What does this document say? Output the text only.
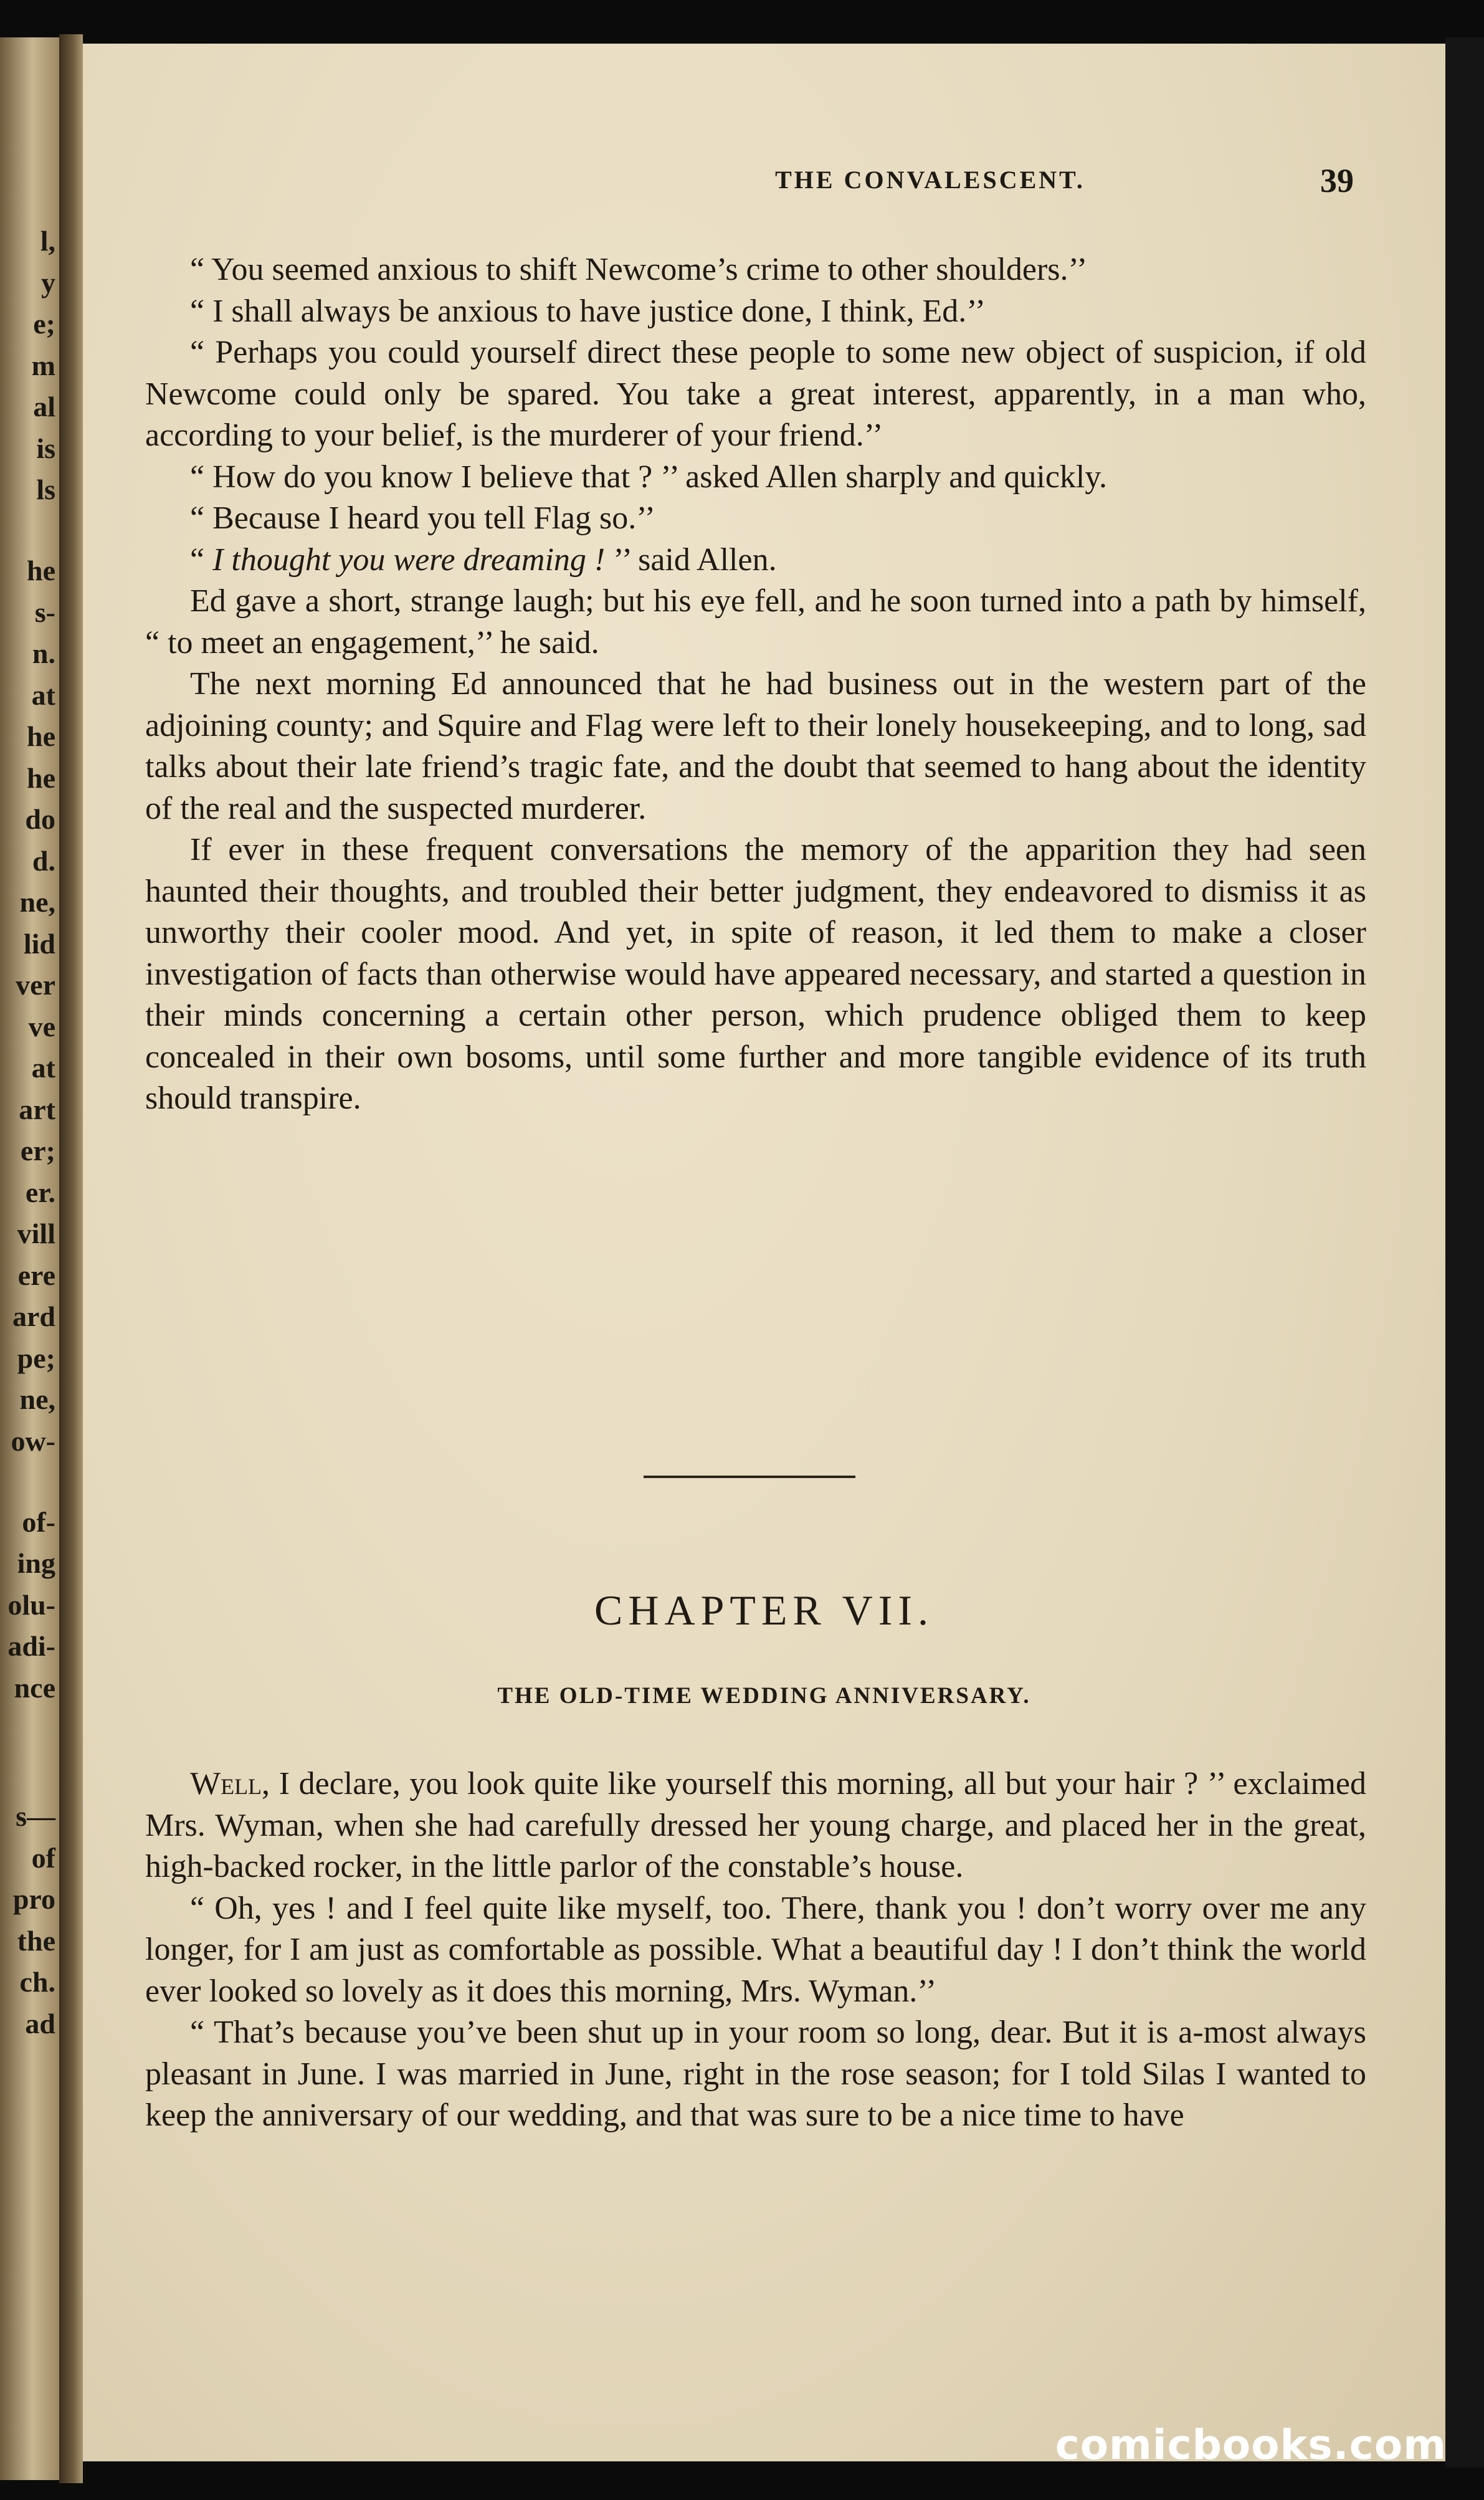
l,
y
e;
m
al
is
ls
he
s-
n.
at
he
he
do
d.
ne,
lid
ver
ve
at
art
er;
er.
vill
ere
ard
pe;
ne,
ow-
of-
ing
olu-
adi-
nce
s—
of
pro
the
ch.
ad
THE CONVALESCENT.	39

“ You seemed anxious to shift Newcome’s crime to other shoulders.’’

“ I shall always be anxious to have justice done, I think, Ed.’’

“ Perhaps you could yourself direct these people to some new object of suspicion, if old Newcome could only be spared. You take a great interest, apparently, in a man who, according to your belief, is the murderer of your friend.’’

“ How do you know I believe that ? ’’ asked Allen sharply and quickly.

“ Because I heard you tell Flag so.’’

“ I thought you were dreaming ! ’’ said Allen.

Ed gave a short, strange laugh; but his eye fell, and he soon turned into a path by himself, “ to meet an engagement,’’ he said.

The next morning Ed announced that he had business out in the western part of the adjoining county; and Squire and Flag were left to their lonely housekeeping, and to long, sad talks about their late friend’s tragic fate, and the doubt that seemed to hang about the identity of the real and the suspected murderer.

If ever in these frequent conversations the memory of the apparition they had seen haunted their thoughts, and troubled their better judgment, they endeavored to dismiss it as unworthy their cooler mood. And yet, in spite of reason, it led them to make a closer investigation of facts than otherwise would have appeared necessary, and started a question in their minds concerning a certain other person, which prudence obliged them to keep concealed in their own bosoms, until some further and more tangible evidence of its truth should transpire.

CHAPTER VII.
THE OLD-TIME WEDDING ANNIVERSARY.

Well, I declare, you look quite like yourself this morning, all but your hair ? ’’ exclaimed Mrs. Wyman, when she had carefully dressed her young charge, and placed her in the great, high-backed rocker, in the little parlor of the constable’s house.

“ Oh, yes ! and I feel quite like myself, too. There, thank you ! don’t worry over me any longer, for I am just as comfortable as possible. What a beautiful day ! I don’t think the world ever looked so lovely as it does this morning, Mrs. Wyman.’’

“ That’s because you’ve been shut up in your room so long, dear. But it is a-most always pleasant in June. I was married in June, right in the rose season; for I told Silas I wanted to keep the anniversary of our wedding, and that was sure to be a nice time to have

comicbooks.com
